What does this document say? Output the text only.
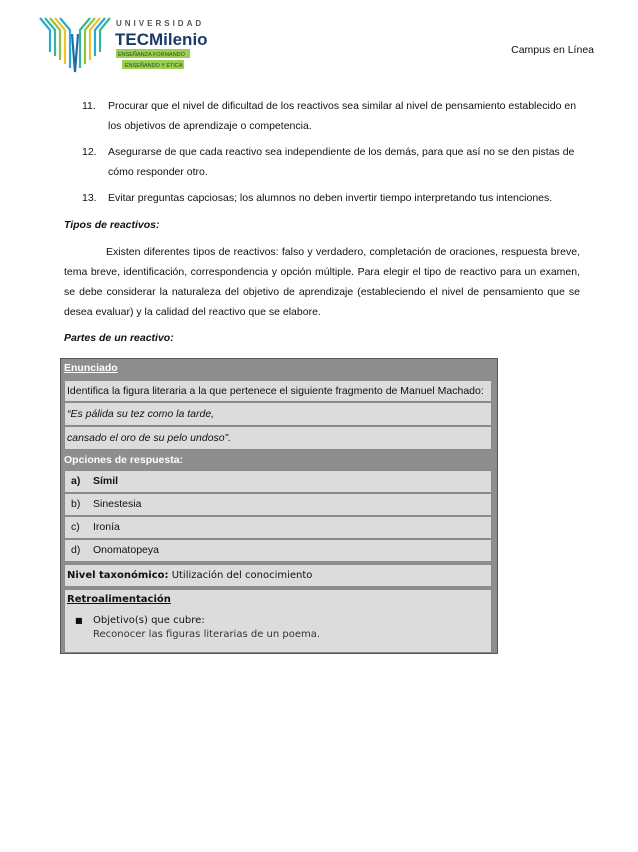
UNIVERSIDAD
TECMilenio
ENSEÑANZA FORMANDO
ENSEÑANDO Y ÉTICA
Campus en Línea
11.	Procurar que el nivel de dificultad de los reactivos sea similar al nivel de pensamiento establecido en los objetivos de aprendizaje o competencia.
12.	Asegurarse de que cada reactivo sea independiente de los demás, para que así no se den pistas de cómo responder otro.
13.	Evitar preguntas capciosas; los alumnos no deben invertir tiempo interpretando tus intenciones.
Tipos de reactivos:
Existen diferentes tipos de reactivos: falso y verdadero, completación de oraciones, respuesta breve, tema breve, identificación, correspondencia y opción múltiple. Para elegir el tipo de reactivo para un examen, se debe considerar la naturaleza del objetivo de aprendizaje (estableciendo el nivel de pensamiento que se desea evaluar) y la calidad del reactivo que se elabore.
Partes de un reactivo:
Enunciado
Identifica la figura literaria a la que pertenece el siguiente fragmento de Manuel Machado:
“Es pálida su tez como la tarde,
cansado el oro de su pelo undoso”.
Opciones de respuesta:
a) Símil
b) Sinestesia
c) Ironía
d) Onomatopeya
Nivel taxonómico: Utilización del conocimiento
Retroalimentación
■	Objetivo(s) que cubre:
Reconocer las figuras literarias de un poema.
